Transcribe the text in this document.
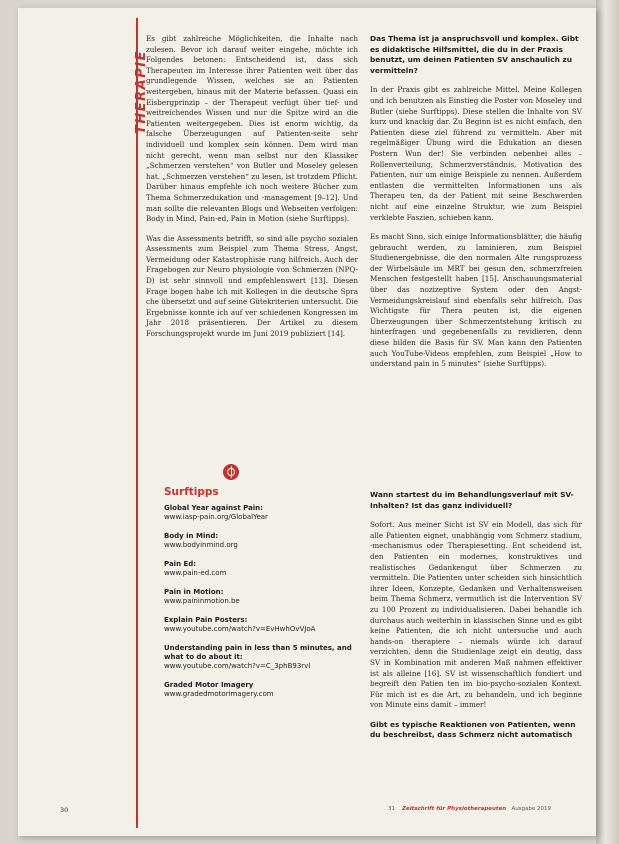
THERAPIE

Es gibt zahlreiche Möglichkeiten, die Inhalte nach zulesen. Bevor ich darauf weiter eingehe, möchte ich Folgendes betonen: Entscheidend ist, dass sich Therapeuten im Interesse ihrer Patienten weit über das grundlegende Wissen, welches sie an Patienten weitergeben, hinaus mit der Materie befassen. Quasi ein Eisbergprinzip – der Therapeut verfügt über tief- und weitreichendes Wissen und nur die Spitze wird an die Patienten weitergegeben. Dies ist enorm wichtig, da falsche Überzeugungen auf Patienten-seite sehr individuell und komplex sein können. Dem wird man nicht gerecht, wenn man selbst nur den Klassiker „Schmerzen verstehen“ von Butler und Moseley gelesen hat. „Schmerzen verstehen“ zu lesen, ist trotzdem Pflicht. Darüber hinaus empfehle ich noch weitere Bücher zum Thema Schmerzedukation und -management [9–12]. Und man sollte die relevanten Blogs und Webseiten verfolgen: Body in Mind, Pain-ed, Pain in Motion (siehe Surftipps).

Was die Assessments betrifft, so sind alle psycho sozialen Assessments zum Beispiel zum Thema Stress, Angst, Vermeidung oder Katastrophisie rung hilfreich. Auch der Fragebogen zur Neuro physiologie von Schmerzen (NPQ-D) ist sehr sinnvoll und empfehlenswert [13]. Diesen Frage bogen habe ich mit Kollegen in die deutsche Spra che übersetzt und auf seine Gütekriterien untersucht. Die Ergebnisse konnte ich auf ver schiedenen Kongressen im Jahr 2018 präsentieren. Der Artikel zu diesem Forschungsprojekt wurde im Juni 2019 publiziert [14].

Surftipps
Global Year against Pain:
www.iasp-pain.org/GlobalYear
Body in Mind:
www.bodyinmind.org
Pain Ed:
www.pain-ed.com
Pain in Motion:
www.paininmotion.be
Explain Pain Posters:
www.youtube.com/watch?v=EvHwhOvVJoA
Understanding pain in less than 5 minutes, and what to do about it:
www.youtube.com/watch?v=C_3phB93rvI
Graded Motor Imagery
www.gradedmotorimagery.com

Das Thema ist ja anspruchsvoll und komplex. Gibt es didaktische Hilfsmittel, die du in der Praxis benutzt, um deinen Patienten SV anschaulich zu vermitteln?

In der Praxis gibt es zahlreiche Mittel. Meine Kollegen und ich benutzen als Einstieg die Poster von Moseley und Butler (siehe Surftipps). Diese stellen die Inhalte von SV kurz und knackig dar. Zu Beginn ist es nicht einfach, den Patienten diese ziel führend zu vermitteln. Aber mit regelmäßiger Übung wird die Edukation an diesen Postern Wun der! Sie verbinden nebenbei alles – Rollenverteilung, Schmerzverständnis, Motivation des Patienten, nur um einige Beispiele zu nennen. Außerdem entlasten die vermittelten Informationen uns als Therapeu ten, da der Patient mit seine Beschwerden nicht auf eine einzelne Struktur, wie zum Beispiel verklebte Faszien, schieben kann.

Es macht Sinn, sich einige Informationsblätter, die häufig gebraucht werden, zu laminieren, zum Beispiel Studienergebnisse, die den normalen Alte rungsprozess der Wirbelsäule im MRT bei gesun den, schmerzfreien Menschen festgestellt haben [15]. Anschauungsmaterial über das nozizeptive System oder den Angst-Vermeidungskreislauf sind ebenfalls sehr hilfreich. Das Wichtigste für Thera peuten ist, die eigenen Überzeugungen über Schmerzentstehung kritisch zu hinterfragen und gegebenenfalls zu revidieren, denn diese bilden die Basis für SV. Man kann den Patienten auch YouTube-Videos empfehlen, zum Beispiel „How to understand pain in 5 minutes“ (siehe Surftipps).

Wann startest du im Behandlungsverlauf mit SV-Inhalten? Ist das ganz individuell?

Sofort. Aus meiner Sicht ist SV ein Modell, das sich für alle Patienten eignet, unabhängig vom Schmerz stadium, -mechanismus oder Therapiesetting. Ent scheidend ist, den Patienten ein modernes, konstruktives und realistisches Gedankengut über Schmerzen zu vermitteln. Die Patienten unter scheiden sich hinsichtlich ihrer Ideen, Konzepte, Gedanken und Verhaltensweisen beim Thema Schmerz, vermutlich ist die Intervention SV zu 100 Prozent zu individualisieren. Dabei behandle ich durchaus auch weiterhin in klassischen Sinne und es gibt keine Patienten, die ich nicht untersuche und auch hands-on therapiere – niemals würde ich darauf verzichten, denn die Studienlage zeigt ein deutig, dass SV in Kombination mit anderen Maß nahmen effektiver ist als alleine [16]. SV ist wissenschaftlich fundiert und begreift den Patien ten im bio-psycho-sozialen Kontext. Für mich ist es die Art, zu behandeln, und ich beginne von Minute eins damit – immer!

Gibt es typische Reaktionen von Patienten, wenn du beschreibst, dass Schmerz nicht automatisch

30	31 Zeitschrift für Physiotherapeuten Ausgabe 2019
